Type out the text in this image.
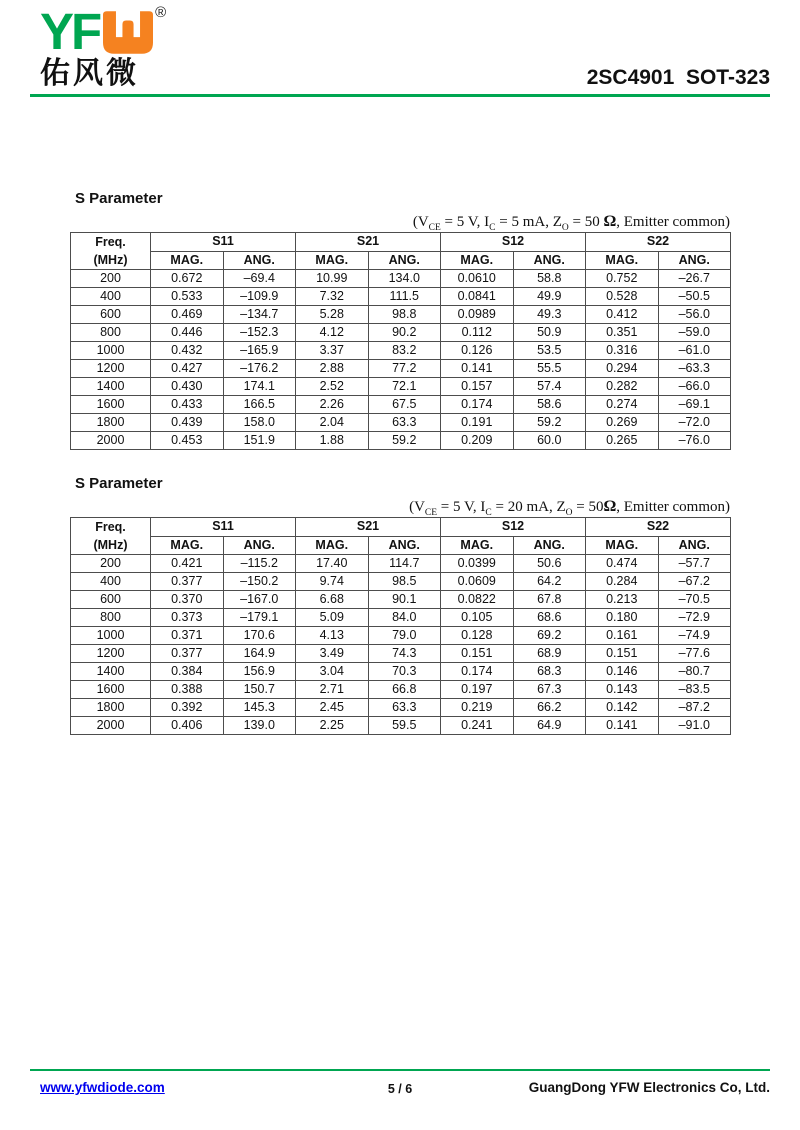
YF	®
佑风微	2SC4901  SOT-323
S Parameter
($V_{CE} = 5$ V, $I_C = 5$ mA, $Z_O = 50$ Ω, Emitter common)
Freq.
(MHz)	S11		S21		S12		S22	
	MAG.	ANG.	MAG.	ANG.	MAG.	ANG.	MAG.	ANG.
200	0.672	–69.4	10.99	134.0	0.0610	58.8	0.752	–26.7
400	0.533	–109.9	7.32	111.5	0.0841	49.9	0.528	–50.5
600	0.469	–134.7	5.28	98.8	0.0989	49.3	0.412	–56.0
800	0.446	–152.3	4.12	90.2	0.112	50.9	0.351	–59.0
1000	0.432	–165.9	3.37	83.2	0.126	53.5	0.316	–61.0
1200	0.427	–176.2	2.88	77.2	0.141	55.5	0.294	–63.3
1400	0.430	174.1	2.52	72.1	0.157	57.4	0.282	–66.0
1600	0.433	166.5	2.26	67.5	0.174	58.6	0.274	–69.1
1800	0.439	158.0	2.04	63.3	0.191	59.2	0.269	–72.0
2000	0.453	151.9	1.88	59.2	0.209	60.0	0.265	–76.0
S Parameter
($V_{CE} = 5$ V, $I_C = 20$ mA, $Z_O = 50\Omega$, Emitter common)
Freq.
(MHz)	S11		S21		S12		S22	
	MAG.	ANG.	MAG.	ANG.	MAG.	ANG.	MAG.	ANG.
200	0.421	–115.2	17.40	114.7	0.0399	50.6	0.474	–57.7
400	0.377	–150.2	9.74	98.5	0.0609	64.2	0.284	–67.2
600	0.370	–167.0	6.68	90.1	0.0822	67.8	0.213	–70.5
800	0.373	–179.1	5.09	84.0	0.105	68.6	0.180	–72.9
1000	0.371	170.6	4.13	79.0	0.128	69.2	0.161	–74.9
1200	0.377	164.9	3.49	74.3	0.151	68.9	0.151	–77.6
1400	0.384	156.9	3.04	70.3	0.174	68.3	0.146	–80.7
1600	0.388	150.7	2.71	66.8	0.197	67.3	0.143	–83.5
1800	0.392	145.3	2.45	63.3	0.219	66.2	0.142	–87.2
2000	0.406	139.0	2.25	59.5	0.241	64.9	0.141	–91.0
www.yfwdiode.com	5 / 6	GuangDong YFW Electronics Co, Ltd.
